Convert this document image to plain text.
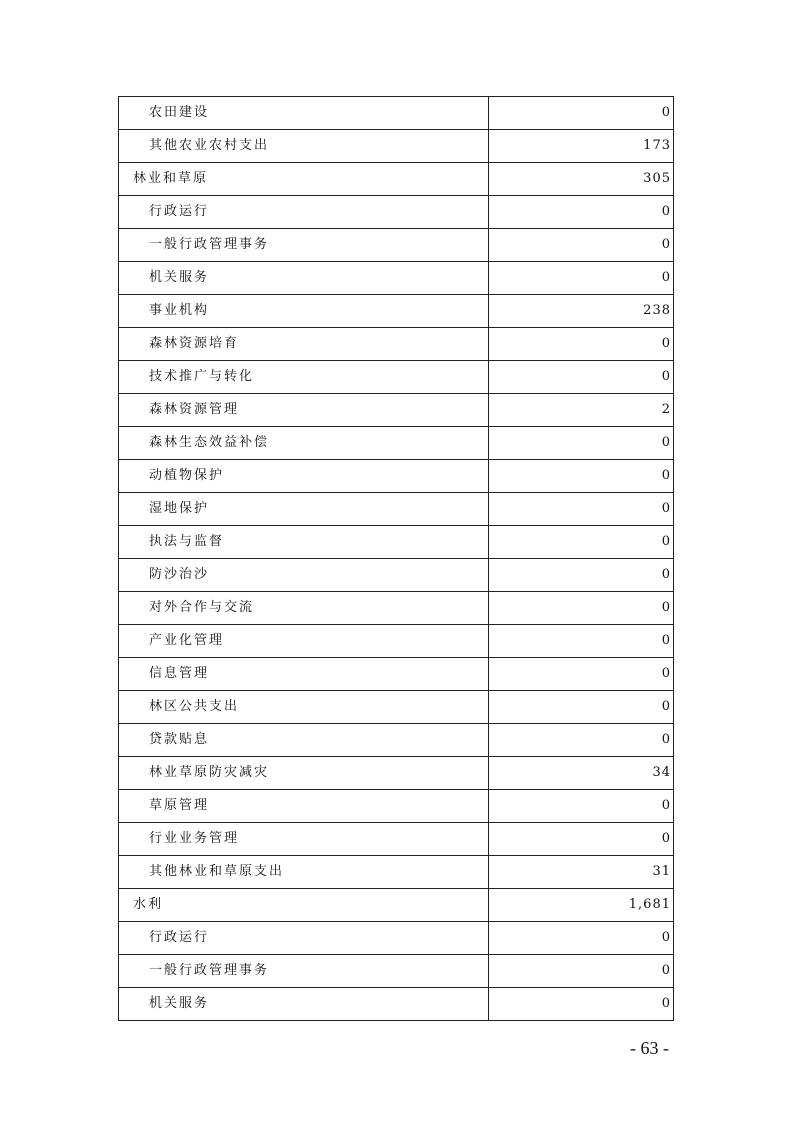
农田建设	0
其他农业农村支出	173
林业和草原	305
行政运行	0
一般行政管理事务	0
机关服务	0
事业机构	238
森林资源培育	0
技术推广与转化	0
森林资源管理	2
森林生态效益补偿	0
动植物保护	0
湿地保护	0
执法与监督	0
防沙治沙	0
对外合作与交流	0
产业化管理	0
信息管理	0
林区公共支出	0
贷款贴息	0
林业草原防灾减灾	34
草原管理	0
行业业务管理	0
其他林业和草原支出	31
水利	1,681
行政运行	0
一般行政管理事务	0
机关服务	0
- 63 -
